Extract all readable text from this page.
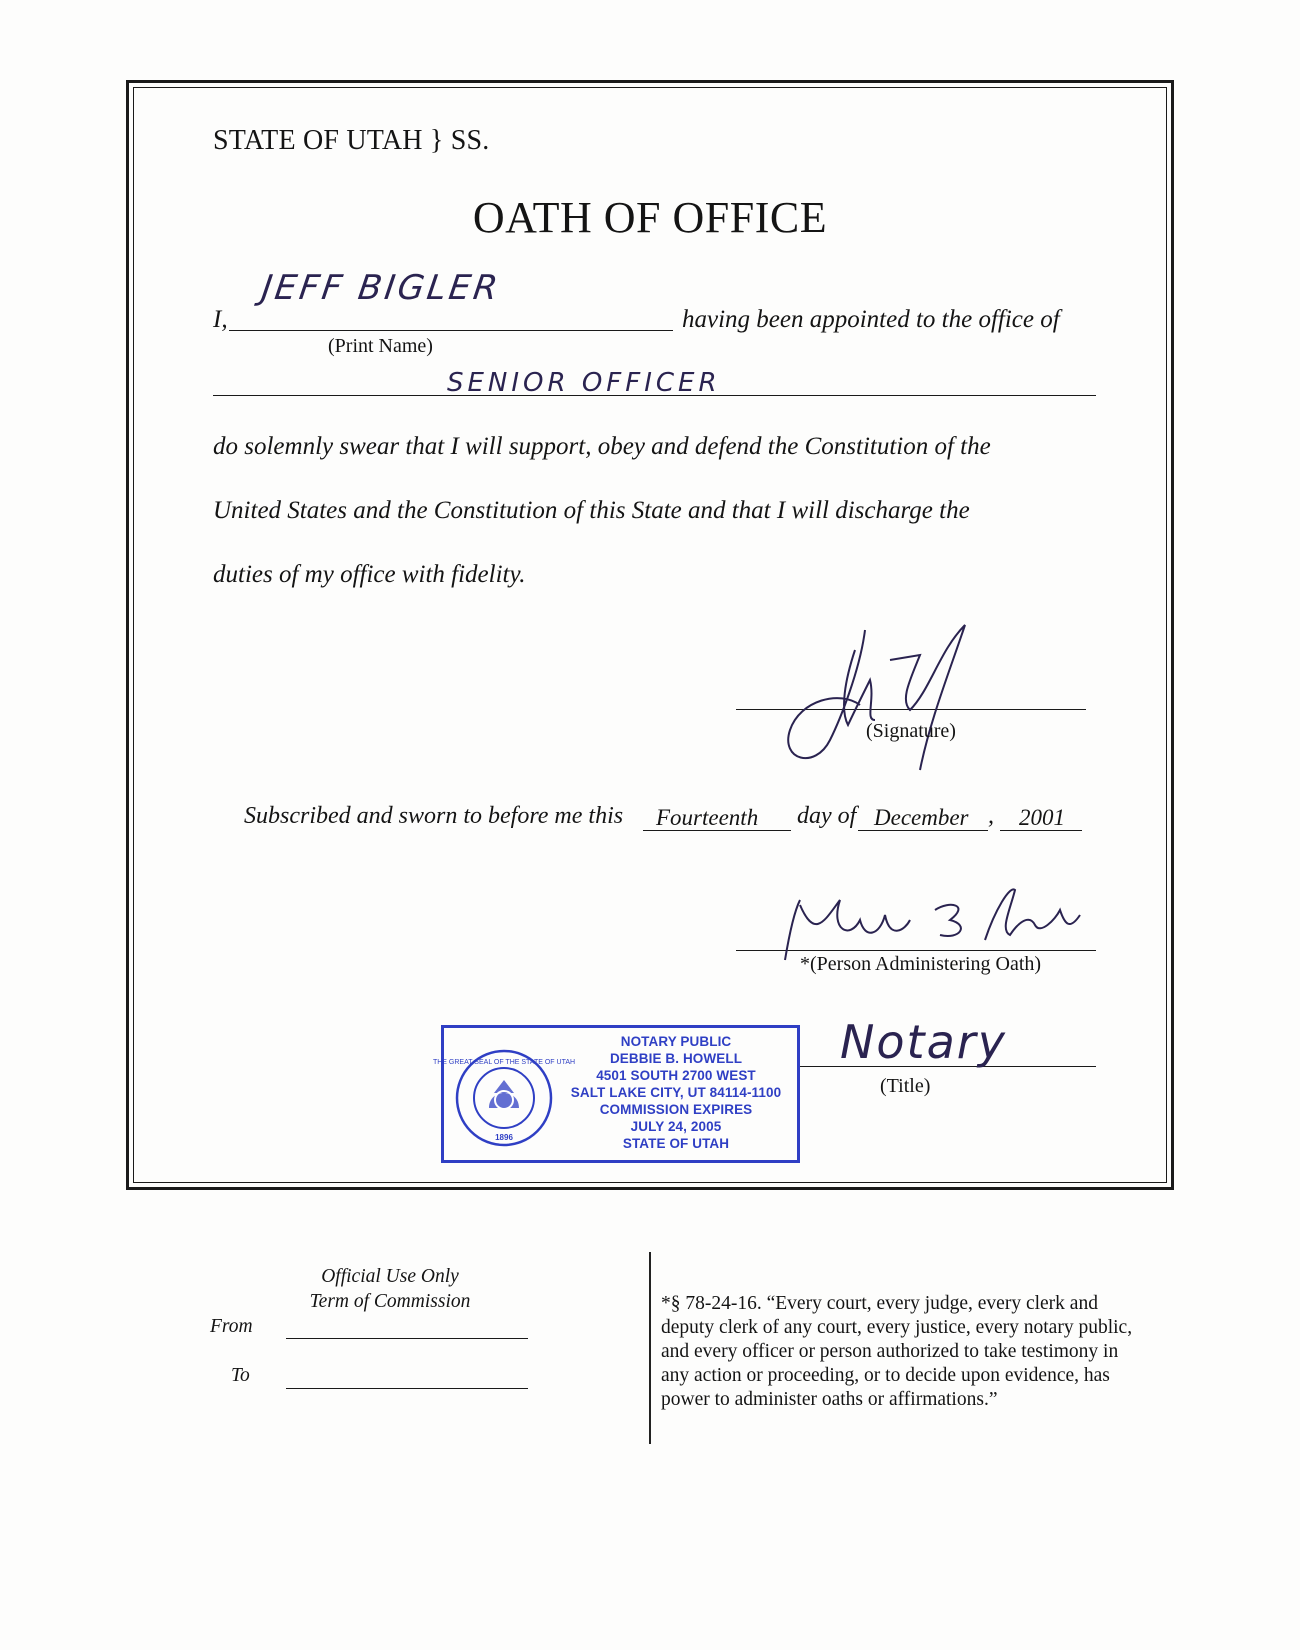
STATE OF UTAH } SS.
OATH OF OFFICE
I,
JEFF BIGLER
having been appointed to the office of
(Print Name)
SENIOR OFFICER
do solemnly swear that I will support, obey and defend the Constitution of the
United States and the Constitution of this State and that I will discharge the
duties of my office with fidelity.
(Signature)
Subscribed and sworn to before me this Fourteenth day of December , 2001
*(Person Administering Oath)
Notary
(Title)
THE GREAT SEAL OF THE STATE OF UTAH
1896
NOTARY PUBLIC
DEBBIE B. HOWELL
4501 SOUTH 2700 WEST
SALT LAKE CITY, UT 84114-1100
COMMISSION EXPIRES
JULY 24, 2005
STATE OF UTAH
Official Use Only
Term of Commission
From
To
*§ 78-24-16. “Every court, every judge, every clerk and deputy clerk of any court, every justice, every notary public, and every officer or person authorized to take testimony in any action or proceeding, or to decide upon evidence, has power to administer oaths or affirmations.”
